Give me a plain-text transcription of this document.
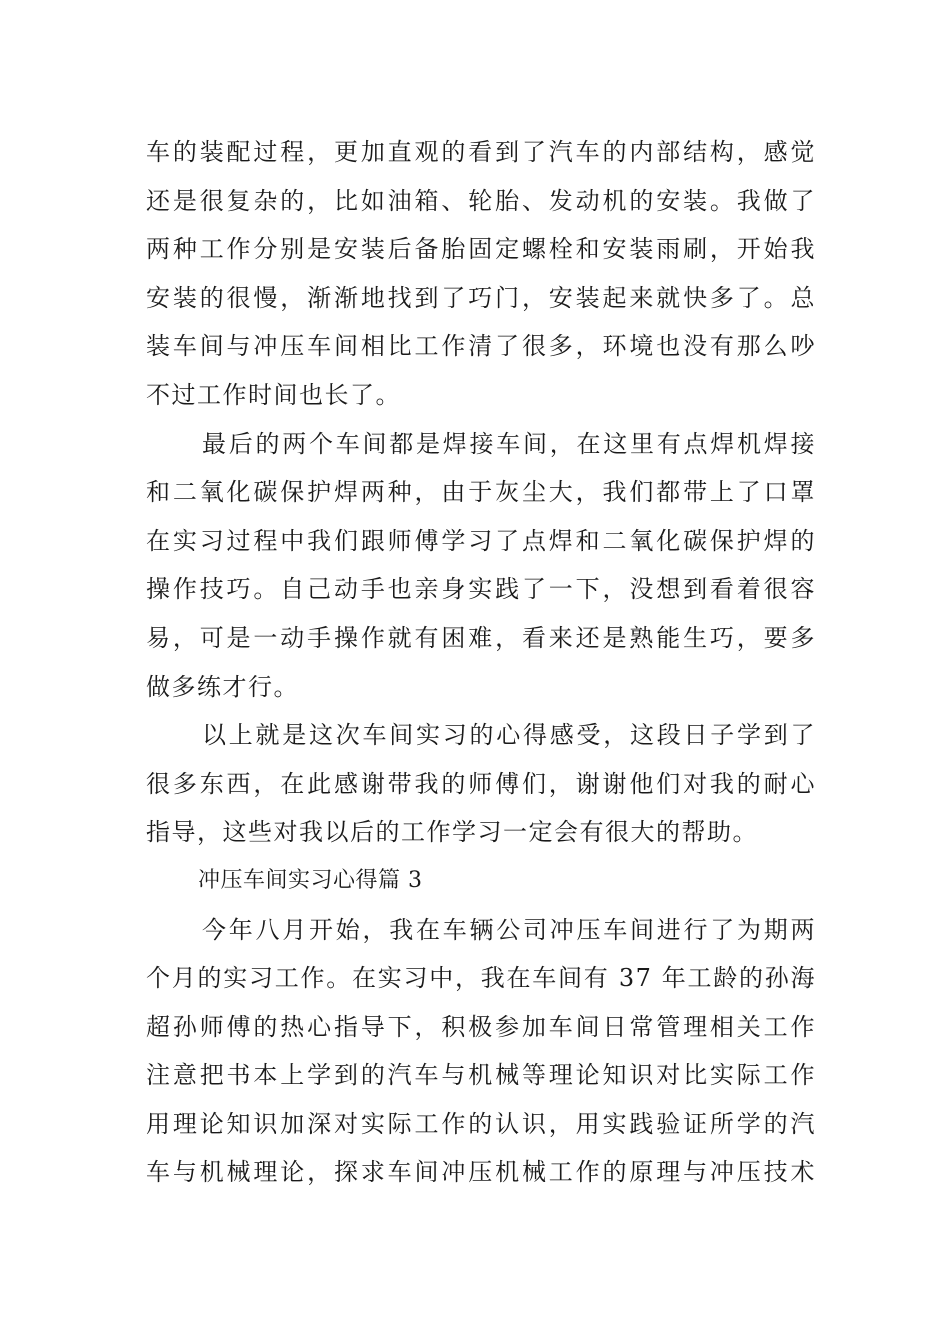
车的装配过程，更加直观的看到了汽车的内部结构，感觉
还是很复杂的，比如油箱、轮胎、发动机的安装。我做了
两种工作分别是安装后备胎固定螺栓和安装雨刷，开始我
安装的很慢，渐渐地找到了巧门，安装起来就快多了。总
装车间与冲压车间相比工作清了很多，环境也没有那么吵
不过工作时间也长了。
最后的两个车间都是焊接车间，在这里有点焊机焊接
和二氧化碳保护焊两种，由于灰尘大，我们都带上了口罩
在实习过程中我们跟师傅学习了点焊和二氧化碳保护焊的
操作技巧。自己动手也亲身实践了一下，没想到看着很容
易，可是一动手操作就有困难，看来还是熟能生巧，要多
做多练才行。
以上就是这次车间实习的心得感受，这段日子学到了
很多东西，在此感谢带我的师傅们，谢谢他们对我的耐心
指导，这些对我以后的工作学习一定会有很大的帮助。
冲压车间实习心得篇 3
今年八月开始，我在车辆公司冲压车间进行了为期两
个月的实习工作。在实习中，我在车间有 37 年工龄的孙海
超孙师傅的热心指导下，积极参加车间日常管理相关工作
注意把书本上学到的汽车与机械等理论知识对比实际工作
用理论知识加深对实际工作的认识，用实践验证所学的汽
车与机械理论，探求车间冲压机械工作的原理与冲压技术
